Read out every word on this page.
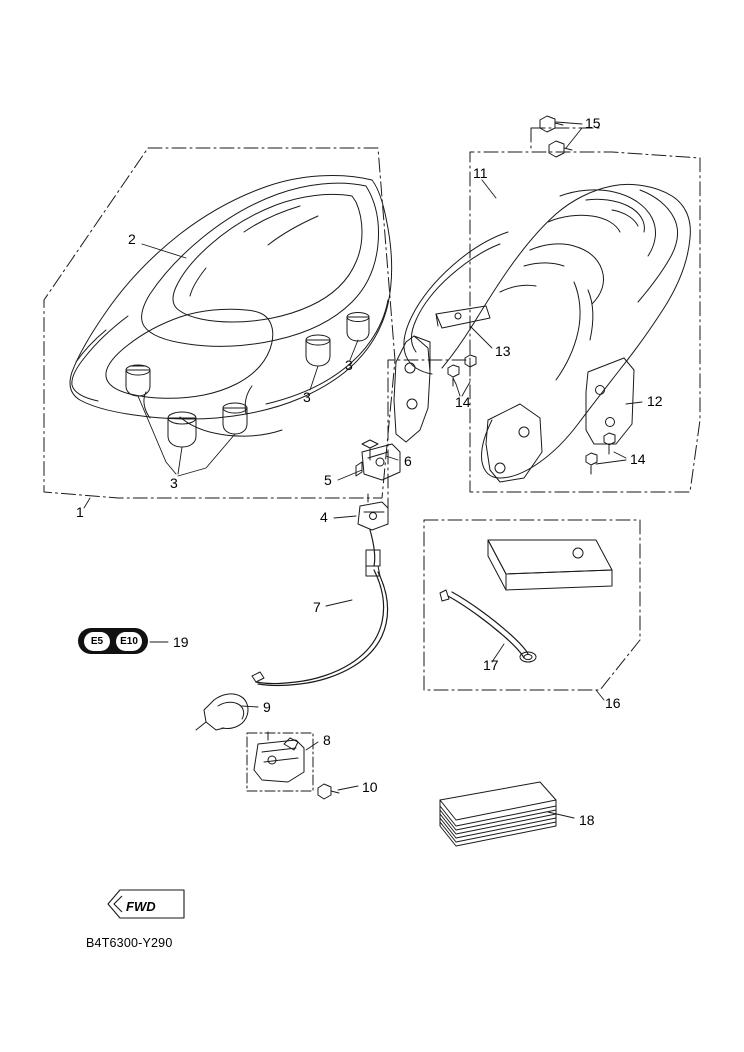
1
2
3
3
3
4
5
6
7
8
9
10
11
12
13
14
14
15
16
17
18
19
E5	E10
FWD
B4T6300-Y290
